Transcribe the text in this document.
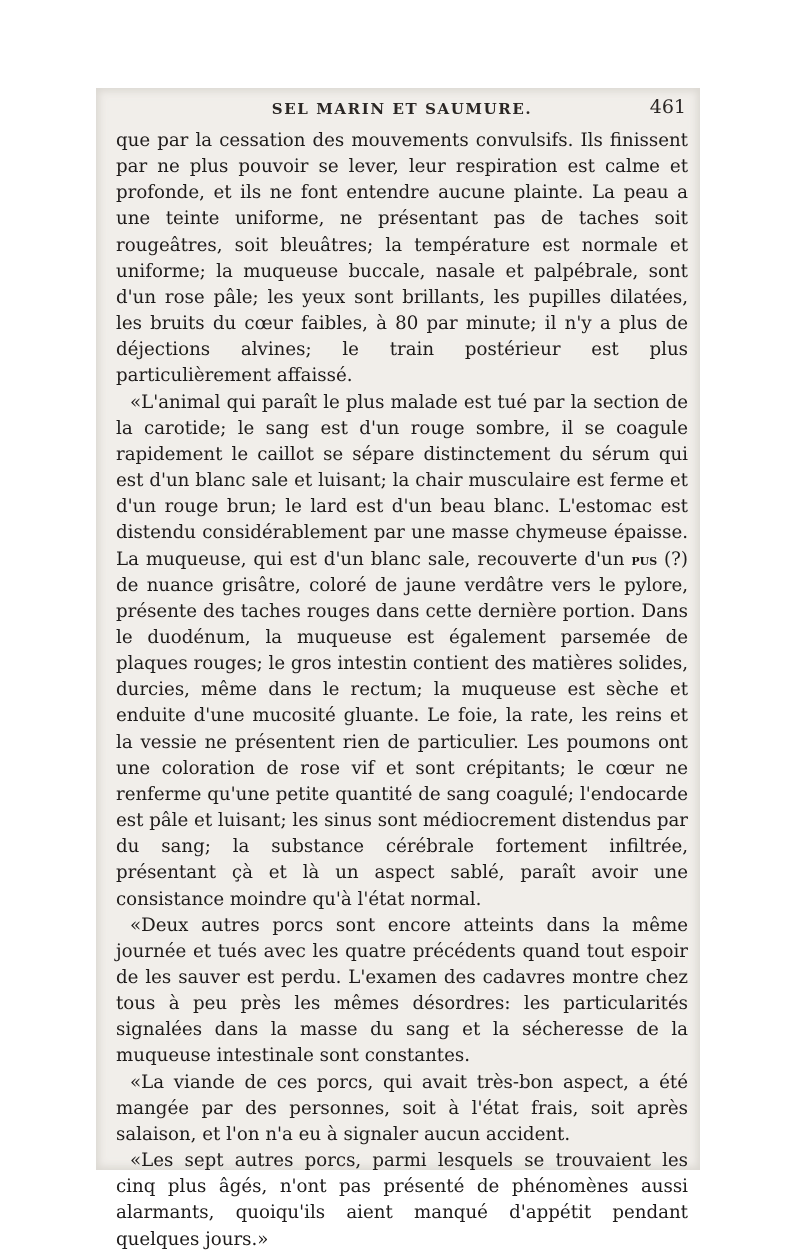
SEL MARIN ET SAUMURE.	461

que par la cessation des mouvements convulsifs. Ils finissent par ne plus pouvoir se lever, leur respiration est calme et profonde, et ils ne font entendre aucune plainte. La peau a une teinte uniforme, ne présentant pas de taches soit rougeâtres, soit bleuâtres; la température est normale et uniforme; la muqueuse buccale, nasale et palpébrale, sont d'un rose pâle; les yeux sont brillants, les pupilles dilatées, les bruits du cœur faibles, à 80 par minute; il n'y a plus de déjections alvines; le train postérieur est plus particulièrement affaissé.

«L'animal qui paraît le plus malade est tué par la section de la carotide; le sang est d'un rouge sombre, il se coagule rapidement le caillot se sépare distinctement du sérum qui est d'un blanc sale et luisant; la chair musculaire est ferme et d'un rouge brun; le lard est d'un beau blanc. L'estomac est distendu considérablement par une masse chymeuse épaisse. La muqueuse, qui est d'un blanc sale, recouverte d'un pus (?) de nuance grisâtre, coloré de jaune verdâtre vers le pylore, présente des taches rouges dans cette dernière portion. Dans le duodénum, la muqueuse est également parsemée de plaques rouges; le gros intestin contient des matières solides, durcies, même dans le rectum; la muqueuse est sèche et enduite d'une mucosité gluante. Le foie, la rate, les reins et la vessie ne présentent rien de particulier. Les poumons ont une coloration de rose vif et sont crépitants; le cœur ne renferme qu'une petite quantité de sang coagulé; l'endocarde est pâle et luisant; les sinus sont médiocrement distendus par du sang; la substance cérébrale fortement infiltrée, présentant çà et là un aspect sablé, paraît avoir une consistance moindre qu'à l'état normal.

«Deux autres porcs sont encore atteints dans la même journée et tués avec les quatre précédents quand tout espoir de les sauver est perdu. L'examen des cadavres montre chez tous à peu près les mêmes désordres: les particularités signalées dans la masse du sang et la sécheresse de la muqueuse intestinale sont constantes.

«La viande de ces porcs, qui avait très-bon aspect, a été mangée par des personnes, soit à l'état frais, soit après salaison, et l'on n'a eu à signaler aucun accident.

«Les sept autres porcs, parmi lesquels se trouvaient les cinq plus âgés, n'ont pas présenté de phénomènes aussi alarmants, quoiqu'ils aient manqué d'appétit pendant quelques jours.»
